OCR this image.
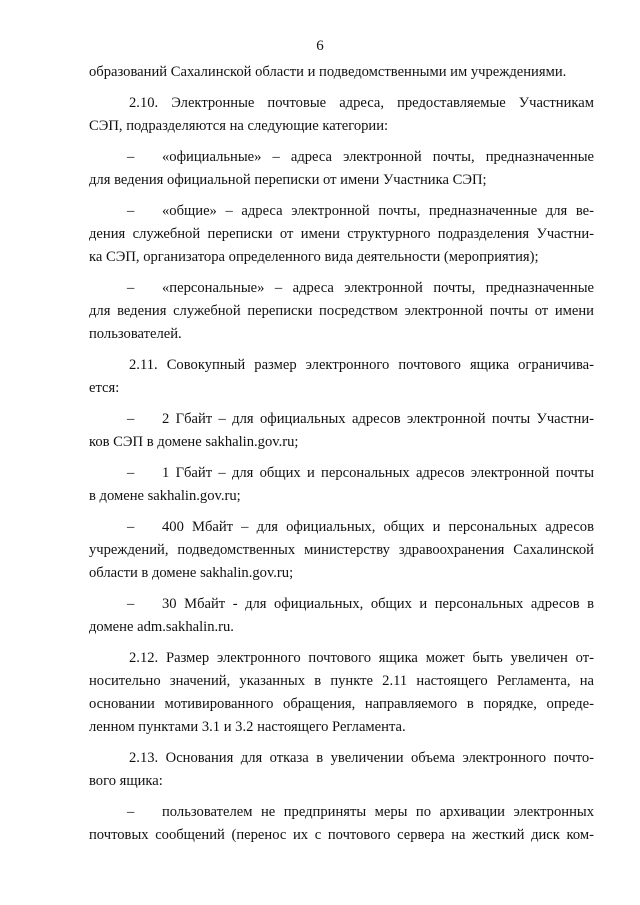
6
образований Сахалинской области и подведомственными им учреждениями.
2.10. Электронные почтовые адреса, предоставляемые Участникам
СЭП, подразделяются на следующие категории:
–	«официальные» – адреса электронной почты, предназначенные
для ведения официальной переписки от имени Участника СЭП;
–	«общие» – адреса электронной почты, предназначенные для ве-
дения служебной переписки от имени структурного подразделения Участни-
ка СЭП, организатора определенного вида деятельности (мероприятия);
–	«персональные» – адреса электронной почты, предназначенные
для ведения служебной переписки посредством электронной почты от имени
пользователей.
2.11. Совокупный размер электронного почтового ящика ограничива-
ется:
–	2 Гбайт – для официальных адресов электронной почты Участни-
ков СЭП в домене sakhalin.gov.ru;
–	1 Гбайт – для общих и персональных адресов электронной почты
в домене sakhalin.gov.ru;
–	400 Мбайт – для официальных, общих и персональных адресов
учреждений, подведомственных министерству здравоохранения Сахалинской
области в домене sakhalin.gov.ru;
–	30 Мбайт - для официальных, общих и персональных адресов в
домене adm.sakhalin.ru.
2.12. Размер электронного почтового ящика может быть увеличен от-
носительно значений, указанных в пункте 2.11 настоящего Регламента, на
основании мотивированного обращения, направляемого в порядке, опреде-
ленном пунктами 3.1 и 3.2 настоящего Регламента.
2.13. Основания для отказа в увеличении объема электронного почто-
вого ящика:
–	пользователем не предприняты меры по архивации электронных
почтовых сообщений (перенос их с почтового сервера на жесткий диск ком-
